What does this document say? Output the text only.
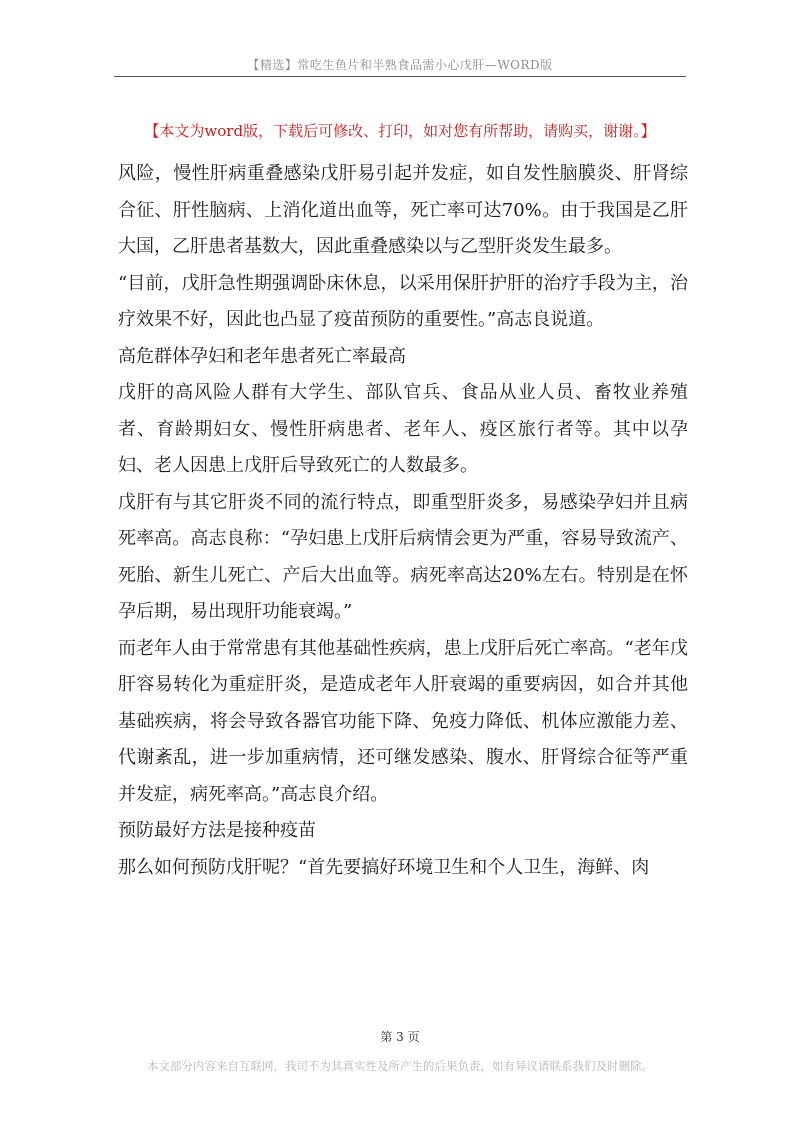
【精选】常吃生鱼片和半熟食品需小心戊肝—WORD版
【本文为word版，下载后可修改、打印，如对您有所帮助，请购买，谢谢。】

风险，慢性肝病重叠感染戊肝易引起并发症，如自发性脑膜炎、肝肾综合征、肝性脑病、上消化道出血等，死亡率可达70%。由于我国是乙肝大国，乙肝患者基数大，因此重叠感染以与乙型肝炎发生最多。

“目前，戊肝急性期强调卧床休息，以采用保肝护肝的治疗手段为主，治疗效果不好，因此也凸显了疫苗预防的重要性。”高志良说道。

高危群体孕妇和老年患者死亡率最高

戊肝的高风险人群有大学生、部队官兵、食品从业人员、畜牧业养殖者、育龄期妇女、慢性肝病患者、老年人、疫区旅行者等。其中以孕妇、老人因患上戊肝后导致死亡的人数最多。

戊肝有与其它肝炎不同的流行特点，即重型肝炎多，易感染孕妇并且病死率高。高志良称：“孕妇患上戊肝后病情会更为严重，容易导致流产、死胎、新生儿死亡、产后大出血等。病死率高达20%左右。特别是在怀孕后期，易出现肝功能衰竭。”

而老年人由于常常患有其他基础性疾病，患上戊肝后死亡率高。“老年戊肝容易转化为重症肝炎，是造成老年人肝衰竭的重要病因，如合并其他基础疾病，将会导致各器官功能下降、免疫力降低、机体应激能力差、代谢紊乱，进一步加重病情，还可继发感染、腹水、肝肾综合征等严重并发症，病死率高。”高志良介绍。

预防最好方法是接种疫苗

那么如何预防戊肝呢？“首先要搞好环境卫生和个人卫生，海鲜、肉

第 3 页
本文部分内容来自互联网，我司不为其真实性及所产生的后果负责，如有异议请联系我们及时删除。
